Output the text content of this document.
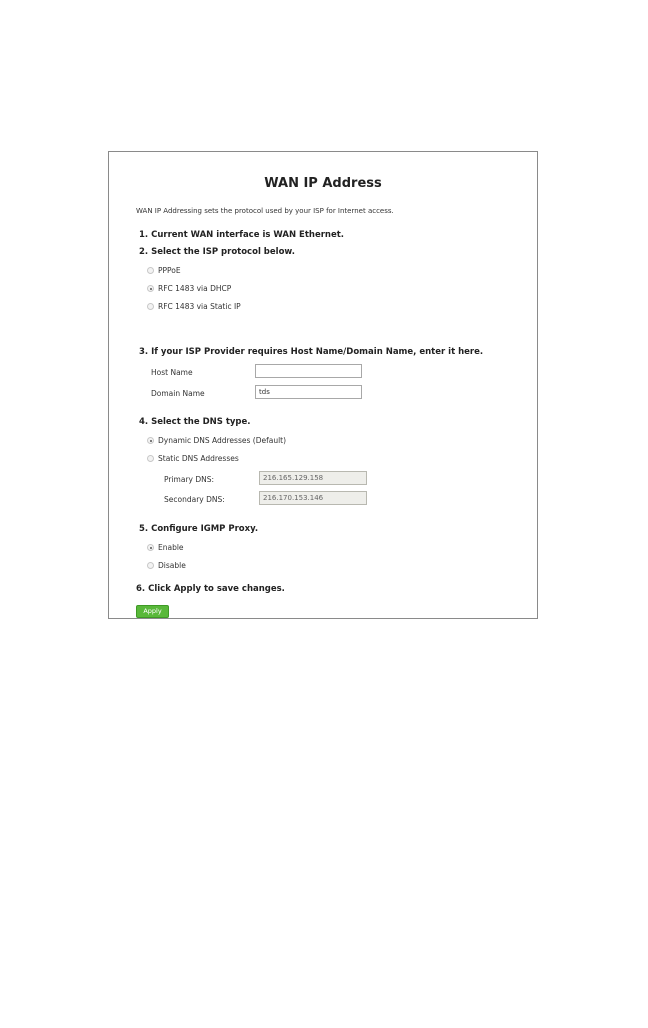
WAN IP Address
WAN IP Addressing sets the protocol used by your ISP for Internet access.
1. Current WAN interface is WAN Ethernet.
2. Select the ISP protocol below.
PPPoE
RFC 1483 via DHCP
RFC 1483 via Static IP
3. If your ISP Provider requires Host Name/Domain Name, enter it here.
Host Name
Domain Name
tds
4. Select the DNS type.
Dynamic DNS Addresses (Default)
Static DNS Addresses
Primary DNS:
216.165.129.158
Secondary DNS:
216.170.153.146
5. Configure IGMP Proxy.
Enable
Disable
6. Click Apply to save changes.
Apply
